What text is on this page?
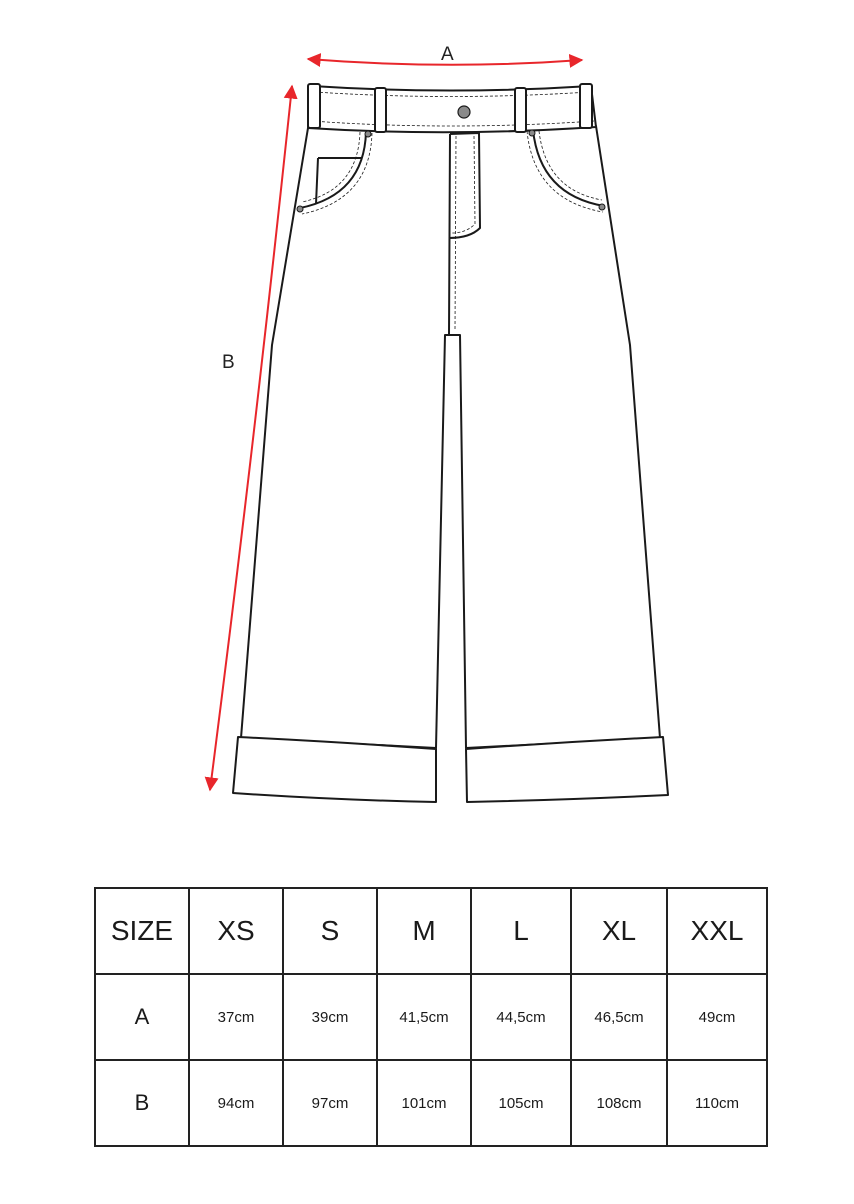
A
B
SIZE	XS	S	M	L	XL	XXL
A	37cm	39cm	41,5cm	44,5cm	46,5cm	49cm
B	94cm	97cm	101cm	105cm	108cm	110cm
